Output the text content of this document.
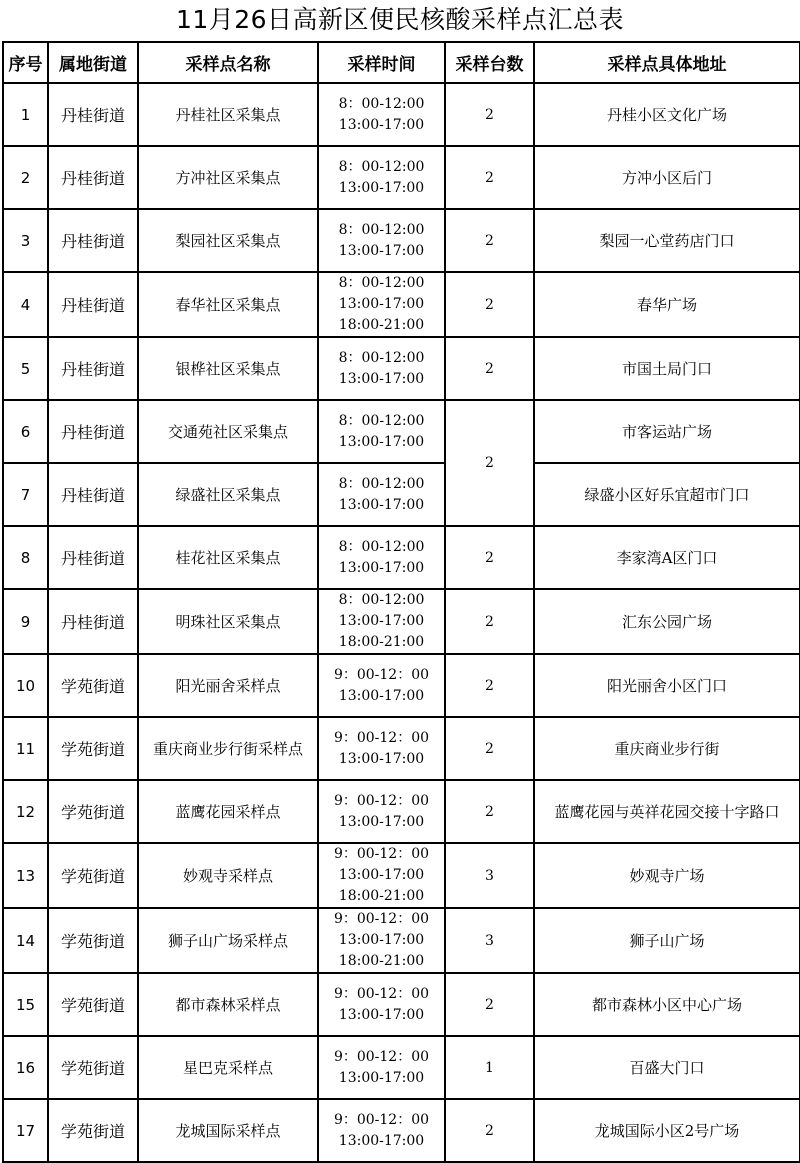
11月26日高新区便民核酸采样点汇总表
序号	属地街道	采样点名称	采样时间	采样台数	采样点具体地址
1	丹桂街道	丹桂社区采集点	8：00-12:00
13:00-17:00	2	丹桂小区文化广场
2	丹桂街道	方冲社区采集点	8：00-12:00
13:00-17:00	2	方冲小区后门
3	丹桂街道	梨园社区采集点	8：00-12:00
13:00-17:00	2	梨园一心堂药店门口
4	丹桂街道	春华社区采集点	8：00-12:00
13:00-17:00
18:00-21:00	2	春华广场
5	丹桂街道	银桦社区采集点	8：00-12:00
13:00-17:00	2	市国土局门口
6	丹桂街道	交通苑社区采集点	8：00-12:00
13:00-17:00	2	市客运站广场
7	丹桂街道	绿盛社区采集点	8：00-12:00
13:00-17:00		绿盛小区好乐宜超市门口
8	丹桂街道	桂花社区采集点	8：00-12:00
13:00-17:00	2	李家湾A区门口
9	丹桂街道	明珠社区采集点	8：00-12:00
13:00-17:00
18:00-21:00	2	汇东公园广场
10	学苑街道	阳光丽舍采样点	9：00-12：00
13:00-17:00	2	阳光丽舍小区门口
11	学苑街道	重庆商业步行街采样点	9：00-12：00
13:00-17:00	2	重庆商业步行街
12	学苑街道	蓝鹰花园采样点	9：00-12：00
13:00-17:00	2	蓝鹰花园与英祥花园交接十字路口
13	学苑街道	妙观寺采样点	9：00-12：00
13:00-17:00
18:00-21:00	3	妙观寺广场
14	学苑街道	狮子山广场采样点	9：00-12：00
13:00-17:00
18:00-21:00	3	狮子山广场
15	学苑街道	都市森林采样点	9：00-12：00
13:00-17:00	2	都市森林小区中心广场
16	学苑街道	星巴克采样点	9：00-12：00
13:00-17:00	1	百盛大门口
17	学苑街道	龙城国际采样点	9：00-12：00
13:00-17:00	2	龙城国际小区2号广场
